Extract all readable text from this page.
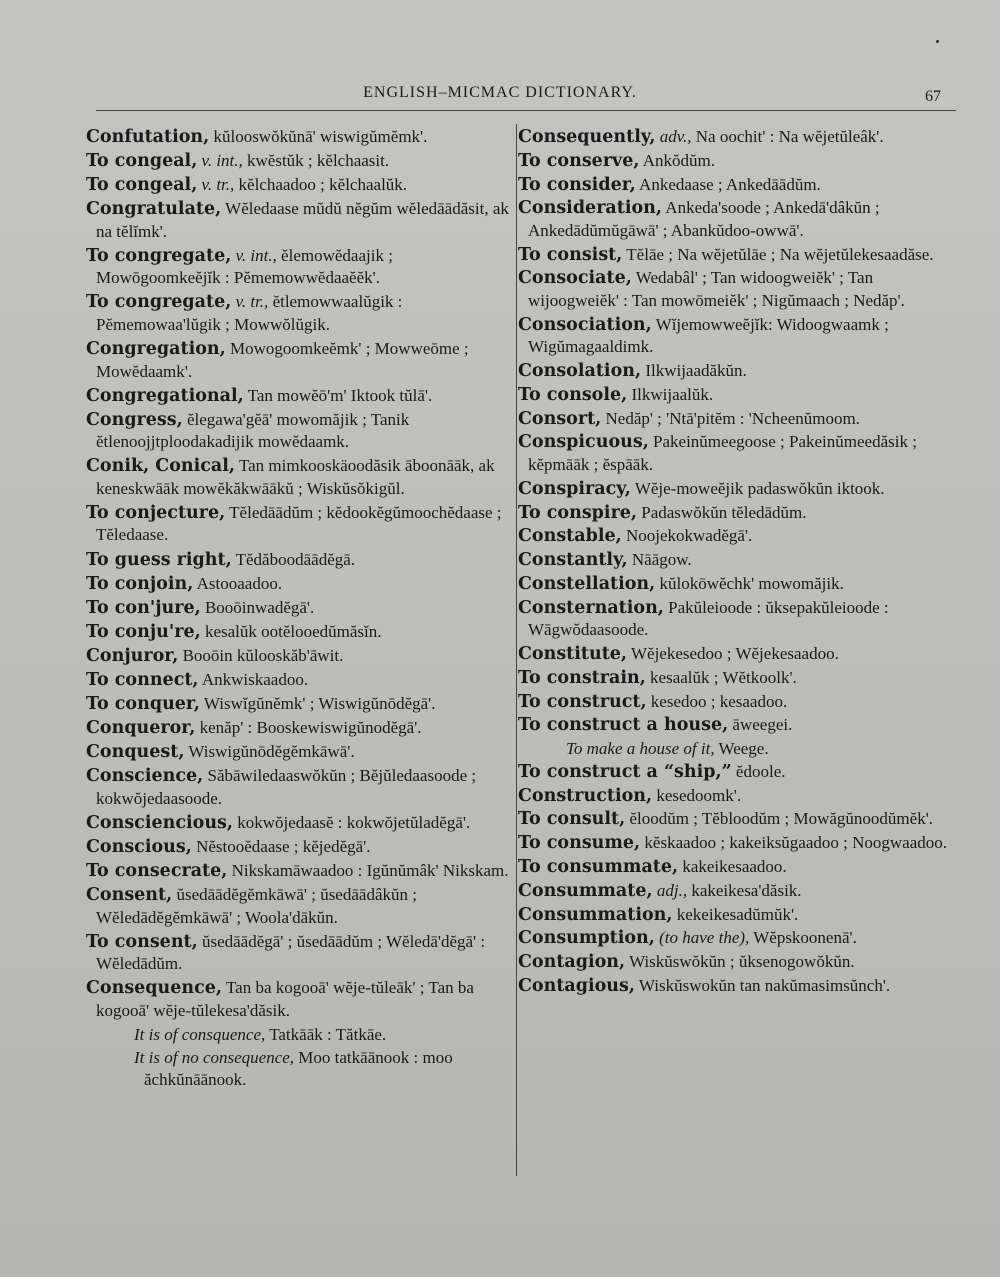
ENGLISH–MICMAC DICTIONARY.	67
Confutation, kŭlooswŏkŭnā' wiswigŭmĕmk'.
To congeal, v. int., kwĕstŭk ; kĕlchaasit.
To congeal, v. tr., kĕlchaadoo ; kĕlchaalŭk.
Congratulate, Wĕledaase mŭdŭ nĕgŭm wĕledāādăsit, ak na tĕlĭmk'.
To congregate, v. int., ĕlemowĕdaajik ; Mowōgoomkeĕjĭk : Pĕmemowwĕdaaĕĕk'.
To congregate, v. tr., ĕtlemowwaalŭgik : Pĕmemowaa'lŭgik ; Mowwŏlŭgik.
Congregation, Mowogoomkeĕmk' ; Mowweōme ; Mowĕdaamk'.
Congregational, Tan mowĕō'm' Iktook tŭlā'.
Congress, ĕlegawa'gĕā' mowomăjik ; Tanik ĕtlenoojjtploodakadijik mowĕdaamk.
Conik, Conical, Tan mimkooskäoodăsik āboonāāk, ak keneskwāāk mowĕkăkwāākŭ ; Wiskŭsŏkigŭl.
To conjecture, Tĕledāādŭm ; kĕdookĕgŭmoochĕdaase ; Tĕledaase.
To guess right, Tĕdăboodāādĕgā.
To conjoin, Astooaadoo.
To con'jure, Booōinwadĕgā'.
To conju're, kesalŭk ootĕlooedŭmăsĭn.
Conjuror, Booōin kŭlooskăb'āwit.
To connect, Ankwiskaadoo.
To conquer, Wiswĭgŭnĕmk' ; Wiswigŭnōdĕgā'.
Conqueror, kenăp' : Booskewiswigŭnodĕgā'.
Conquest, Wiswigŭnōdĕgĕmkāwā'.
Conscience, Săbāwiledaaswŏkŭn ; Bĕjŭledaasoode ; kokwŏjedaasoode.
Consciencious, kokwŏjedaasĕ : kokwŏjetŭladĕgā'.
Conscious, Nĕstooĕdaase ; kĕjedĕgā'.
To consecrate, Nikskamāwaadoo : Igŭnŭmâk' Nikskam.
Consent, ŭsedāādĕgĕmkāwā' ; ŭsedāādâkŭn ; Wĕledādĕgĕmkāwā' ; Woola'dākŭn.
To consent, ŭsedāādĕgā' ; ŭsedāādŭm ; Wĕledā'dĕgā' : Wĕledādŭm.
Consequence, Tan ba kogooā' wĕje-tŭleāk' ; Tan ba kogooā' wĕje-tŭlekesa'dăsik.
It is of consquence, Tatkāāk : Tătkāe.
It is of no consequence, Moo tatkāānook : moo ăchkŭnāānook.
Consequently, adv., Na oochit' : Na wĕjetŭleâk'.
To conserve, Ankŏdŭm.
To consider, Ankedaase ; Ankedāādŭm.
Consideration, Ankeda'soode ; Ankedā'dâkŭn ; Ankedādŭmŭgāwā' ; Abankŭdoo-owwā'.
To consist, Tĕlāe ; Na wĕjetŭlāe ; Na wĕjetŭlekesaadăse.
Consociate, Wedabâl' ; Tan widoogweiĕk' ; Tan wijoogweiĕk' : Tan mowōmeiĕk' ; Nigŭmaach ; Nedăp'.
Consociation, Wĭjemowweĕjĭk: Widoogwaamk ; Wigŭmagaaldimk.
Consolation, Ilkwijaadăkŭn.
To console, Ilkwijaalŭk.
Consort, Nedăp' ; 'Ntā'pitĕm : 'Ncheenŭmoom.
Conspicuous, Pakeinŭmeegoose ; Pakeinŭmeedăsik ; kĕpmāāk ; ĕspāāk.
Conspiracy, Wĕje-moweĕjik padaswŏkŭn iktook.
To conspire, Padaswŏkŭn tĕledādŭm.
Constable, Noojekokwadĕgā'.
Constantly, Nāāgow.
Constellation, kŭlokōwĕchk' mowomăjik.
Consternation, Pakŭleioode : ŭksepakŭleioode : Wāgwŏdaasoode.
Constitute, Wĕjekesedoo ; Wĕjekesaadoo.
To constrain, kesaalŭk ; Wĕtkoolk'.
To construct, kesedoo ; kesaadoo.
To construct a house, āweegei.
To make a house of it, Weege.
To construct a “ship,” ĕdoole.
Construction, kesedoomk'.
To consult, ĕloodŭm ; Tĕbloodŭm ; Mowăgŭnoodŭmĕk'.
To consume, kĕskaadoo ; kakeiksŭgaadoo ; Noogwaadoo.
To consummate, kakeikesaadoo.
Consummate, adj., kakeikesa'dăsik.
Consummation, kekeikesadŭmŭk'.
Consumption, (to have the), Wĕpskoonenā'.
Contagion, Wiskŭswŏkŭn ; ŭksenogowŏkŭn.
Contagious, Wiskŭswokŭn tan nakŭmasimsŭnch'.
